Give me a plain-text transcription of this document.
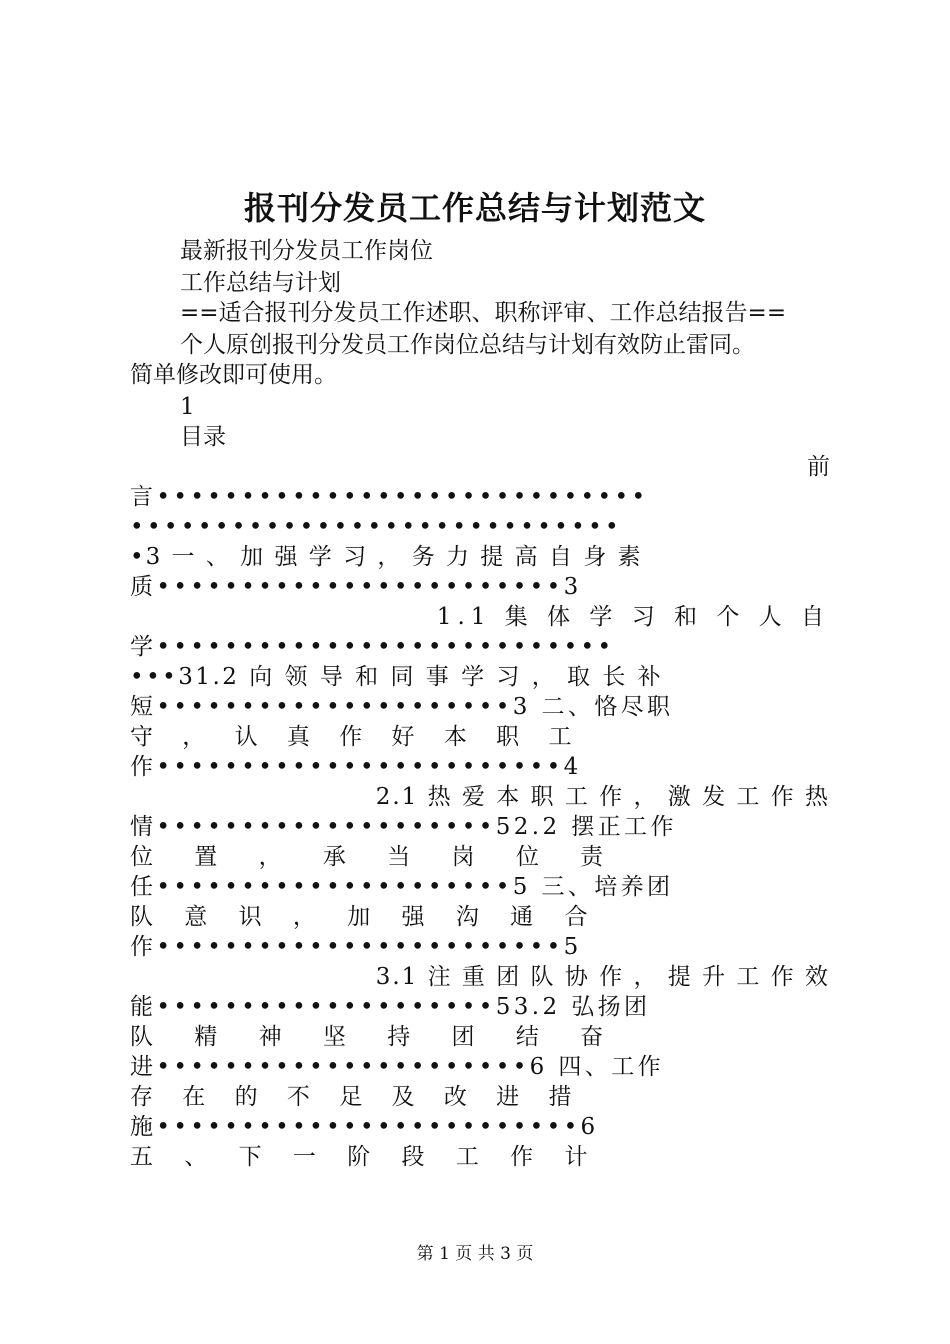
报刊分发员工作总结与计划范文
最新报刊分发员工作岗位
工作总结与计划
==适合报刊分发员工作述职、职称评审、工作总结报告==
个人原创报刊分发员工作岗位总结与计划有效防止雷同。
简单修改即可使用。
1
目录
前
言•••••••••••••••••••••••••••••
•••••••••••••••••••••••••••••
•3 一 、 加 强 学 习 ， 务 力 提 高 自 身 素
质••••••••••••••••••••••••3
1.1 集 体 学 习 和 个 人 自
学•••••••••••••••••••••••••••
•••31.2 向 领 导 和 同 事 学 习 ， 取 长 补
短•••••••••••••••••••••3 二、恪尽职
守 ， 认 真 作 好 本 职 工
作••••••••••••••••••••••••4
2.1 热 爱 本 职 工 作 ， 激 发 工 作 热
情••••••••••••••••••••52.2 摆正工作
位 置 ， 承 当 岗 位 责
任•••••••••••••••••••••5 三、培养团
队 意 识 ， 加 强 沟 通 合
作••••••••••••••••••••••••5
3.1 注 重 团 队 协 作 ， 提 升 工 作 效
能••••••••••••••••••••53.2 弘扬团
队 精 神 坚 持 团 结 奋
进••••••••••••••••••••••6 四、工作
存 在 的 不 足 及 改 进 措
施•••••••••••••••••••••••••6
五 、 下 一 阶 段 工 作 计
第 1 页 共 3 页
